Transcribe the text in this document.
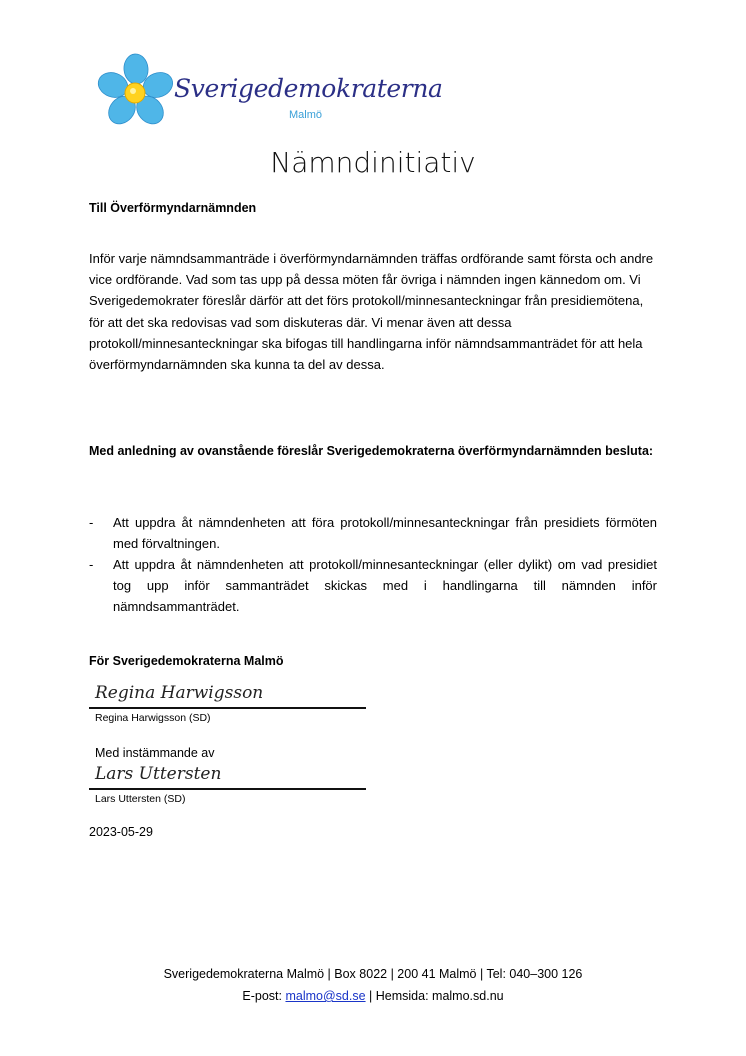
Sverigedemokraterna
Malmö
Nämndinitiativ
Till Överförmyndarnämnden
Inför varje nämndsammanträde i överförmyndarnämnden träffas ordförande samt första och andre vice ordförande. Vad som tas upp på dessa möten får övriga i nämnden ingen kännedom om. Vi Sverigedemokrater föreslår därför att det förs protokoll/minnesanteckningar från presidiemötena, för att det ska redovisas vad som diskuteras där. Vi menar även att dessa protokoll/minnesanteckningar ska bifogas till handlingarna inför nämndsammanträdet för att hela överförmyndarnämnden ska kunna ta del av dessa.
Med anledning av ovanstående föreslår Sverigedemokraterna överförmyndarnämnden besluta:
- Att uppdra åt nämndenheten att föra protokoll/minnesanteckningar från presidiets förmöten med förvaltningen.
- Att uppdra åt nämndenheten att protokoll/minnesanteckningar (eller dylikt) om vad presidiet tog upp inför sammanträdet skickas med i handlingarna till nämnden inför nämndsammanträdet.
För Sverigedemokraterna Malmö
Regina Harwigsson
Regina Harwigsson (SD)
Med instämmande av
Lars Uttersten
Lars Uttersten (SD)
2023-05-29
Sverigedemokraterna Malmö | Box 8022 | 200 41 Malmö | Tel: 040–300 126
E-post: malmo@sd.se | Hemsida: malmo.sd.nu
